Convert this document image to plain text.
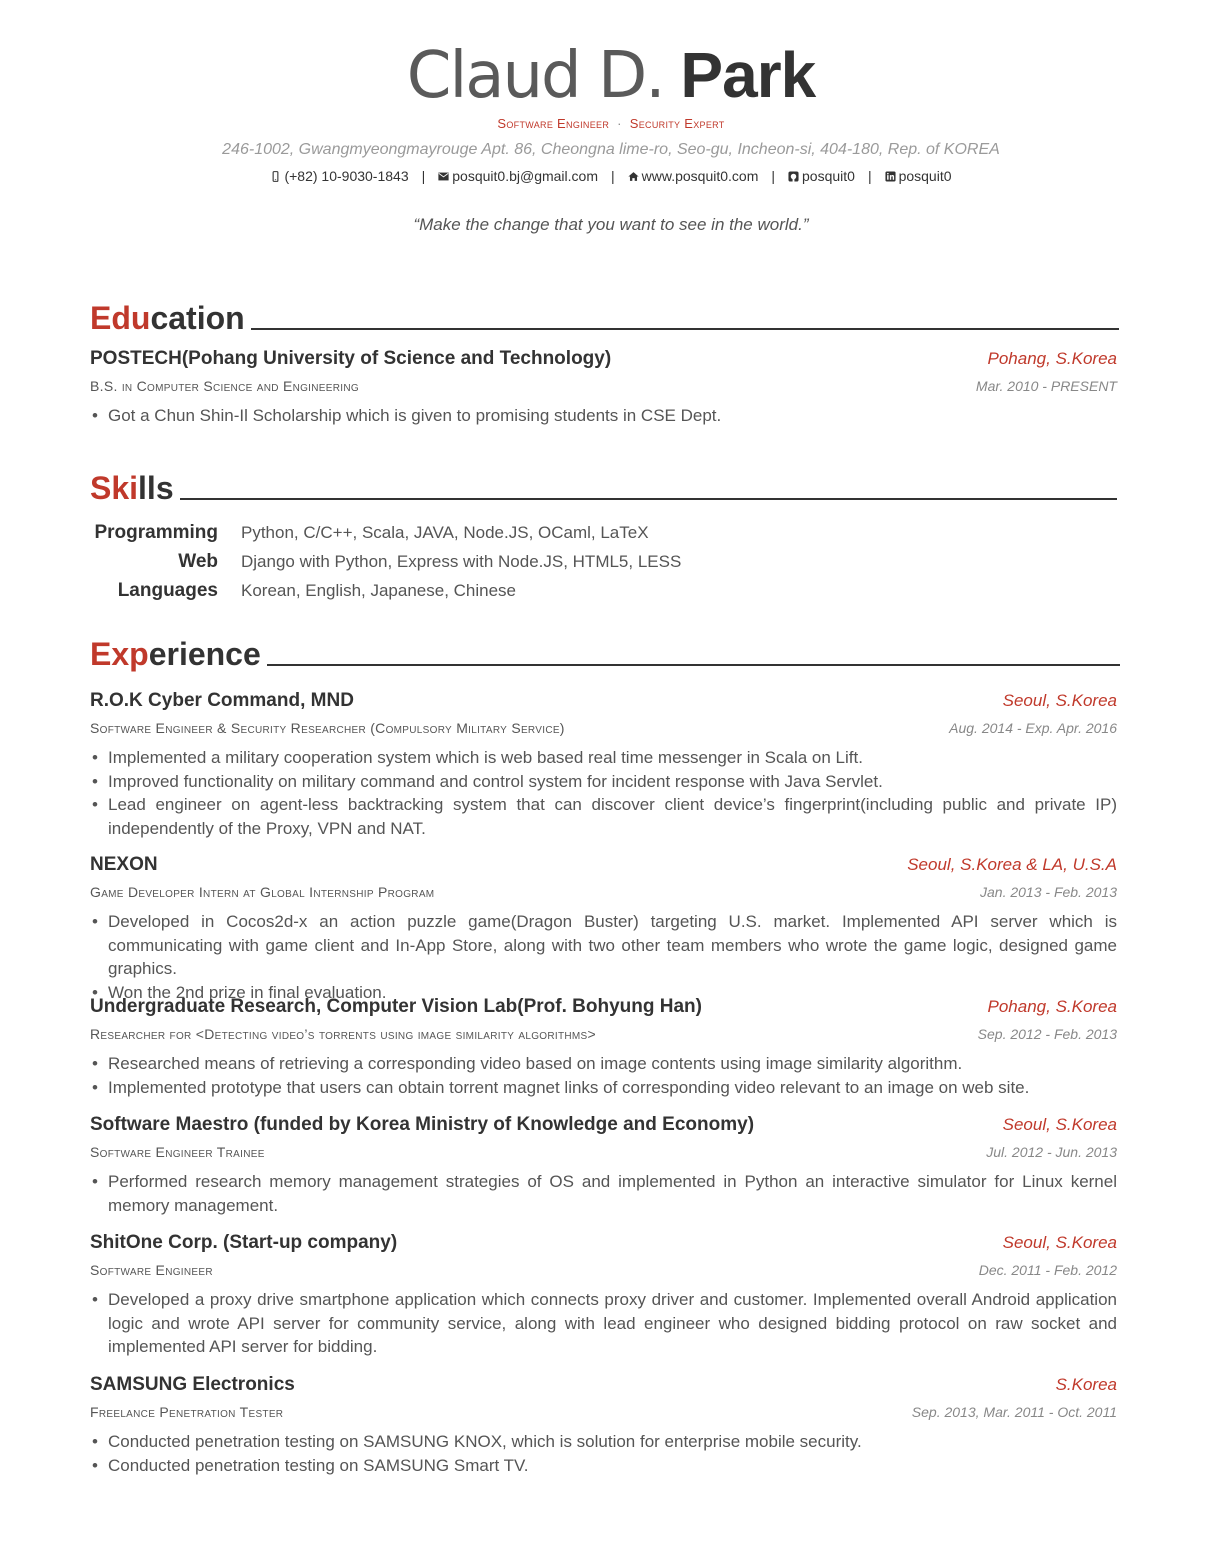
Claud D. Park
Software Engineer · Security Expert
246-1002, Gwangmyeongmayrouge Apt. 86, Cheongna lime-ro, Seo-gu, Incheon-si, 404-180, Rep. of KOREA
(+82) 10-9030-1843 | posquit0.bj@gmail.com | www.posquit0.com | posquit0 | posquit0
“Make the change that you want to see in the world.”
Education
POSTECH(Pohang University of Science and Technology)	Pohang, S.Korea
B.S. in Computer Science and Engineering	Mar. 2010 - PRESENT
• Got a Chun Shin-Il Scholarship which is given to promising students in CSE Dept.
Skills
Programming Python, C/C++, Scala, JAVA, Node.JS, OCaml, LaTeX
Web Django with Python, Express with Node.JS, HTML5, LESS
Languages Korean, English, Japanese, Chinese
Experience
R.O.K Cyber Command, MND	Seoul, S.Korea
Software Engineer & Security Researcher (Compulsory Military Service)	Aug. 2014 - Exp. Apr. 2016
• Implemented a military cooperation system which is web based real time messenger in Scala on Lift.
• Improved functionality on military command and control system for incident response with Java Servlet.
• Lead engineer on agent-less backtracking system that can discover client device’s fingerprint(including public and private IP) independently of the Proxy, VPN and NAT.
NEXON	Seoul, S.Korea & LA, U.S.A
Game Developer Intern at Global Internship Program	Jan. 2013 - Feb. 2013
• Developed in Cocos2d-x an action puzzle game(Dragon Buster) targeting U.S. market. Implemented API server which is communicating with game client and In-App Store, along with two other team members who wrote the game logic, designed game graphics.
• Won the 2nd prize in final evaluation.
Undergraduate Research, Computer Vision Lab(Prof. Bohyung Han)	Pohang, S.Korea
Researcher for <Detecting video’s torrents using image similarity algorithms>	Sep. 2012 - Feb. 2013
• Researched means of retrieving a corresponding video based on image contents using image similarity algorithm.
• Implemented prototype that users can obtain torrent magnet links of corresponding video relevant to an image on web site.
Software Maestro (funded by Korea Ministry of Knowledge and Economy)	Seoul, S.Korea
Software Engineer Trainee	Jul. 2012 - Jun. 2013
• Performed research memory management strategies of OS and implemented in Python an interactive simulator for Linux kernel memory management.
ShitOne Corp. (Start-up company)	Seoul, S.Korea
Software Engineer	Dec. 2011 - Feb. 2012
• Developed a proxy drive smartphone application which connects proxy driver and customer. Implemented overall Android application logic and wrote API server for community service, along with lead engineer who designed bidding protocol on raw socket and implemented API server for bidding.
SAMSUNG Electronics	S.Korea
Freelance Penetration Tester	Sep. 2013, Mar. 2011 - Oct. 2011
• Conducted penetration testing on SAMSUNG KNOX, which is solution for enterprise mobile security.
• Conducted penetration testing on SAMSUNG Smart TV.
